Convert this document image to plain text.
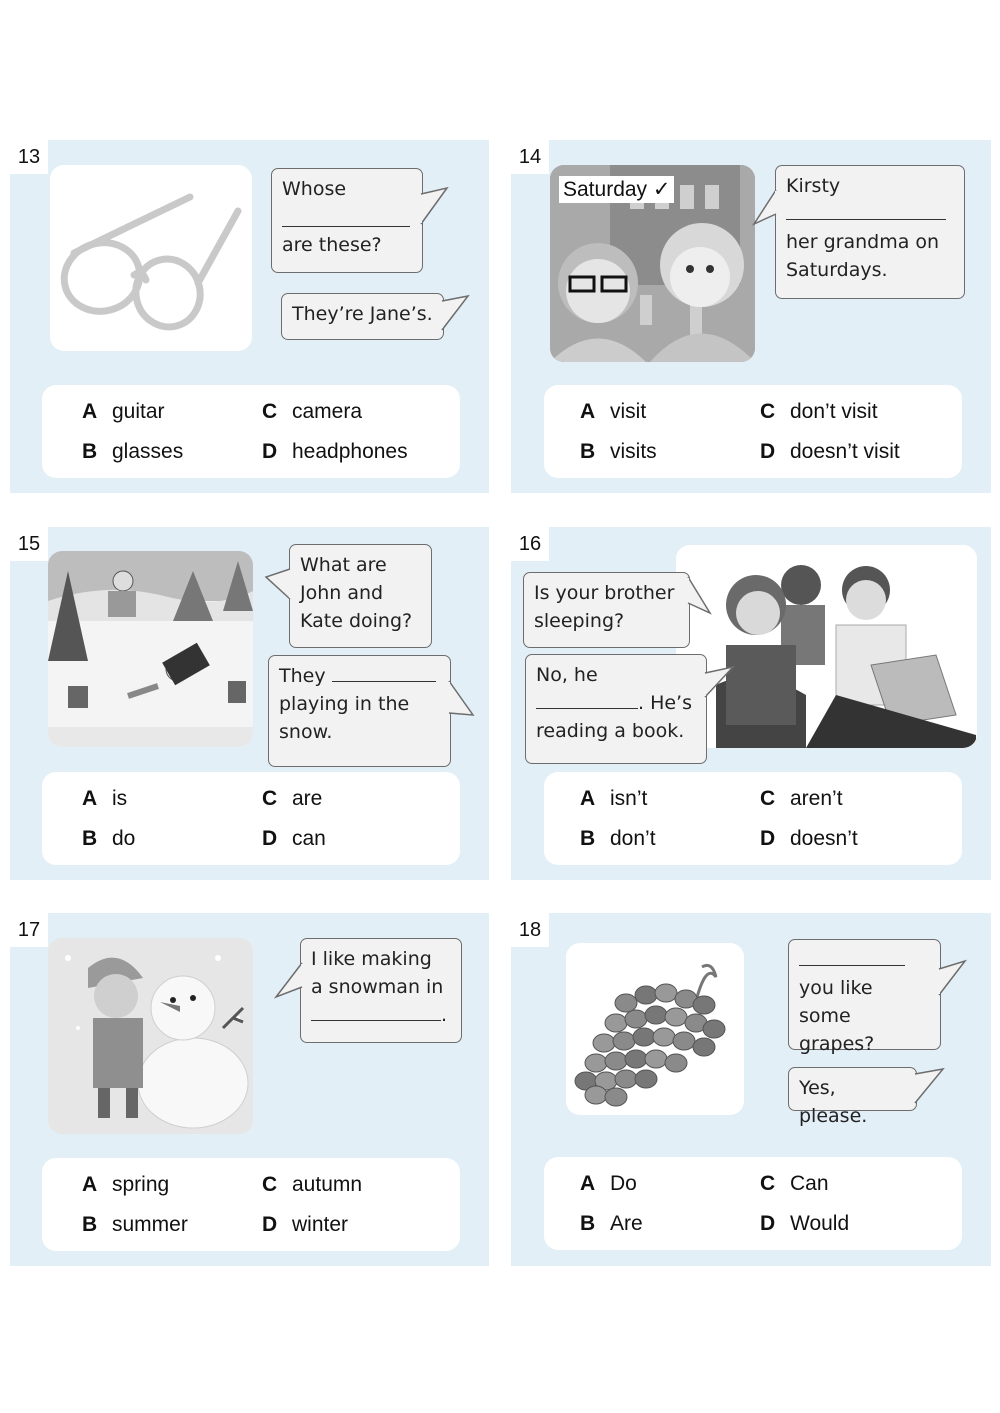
13
Whose
are these?
They’re Jane’s.
A guitar
B glasses
C camera
D headphones
14
Saturday ✓	Kirsty
her grandma on
Saturdays.
A visit
B visits
C don’t visit
D doesn’t visit
15
What are
John and
Kate doing?
They
playing in the
snow.
A is
B do
C are
D can
16
Is your brother
sleeping?
No, he
. He’s
reading a book.
A isn’t
B don’t
C aren’t
D doesn’t
17
I like making
a snowman in
.
A spring
B summer
C autumn
D winter
18
you like
some grapes?
Yes, please.
A Do
B Are
C Can
D Would
